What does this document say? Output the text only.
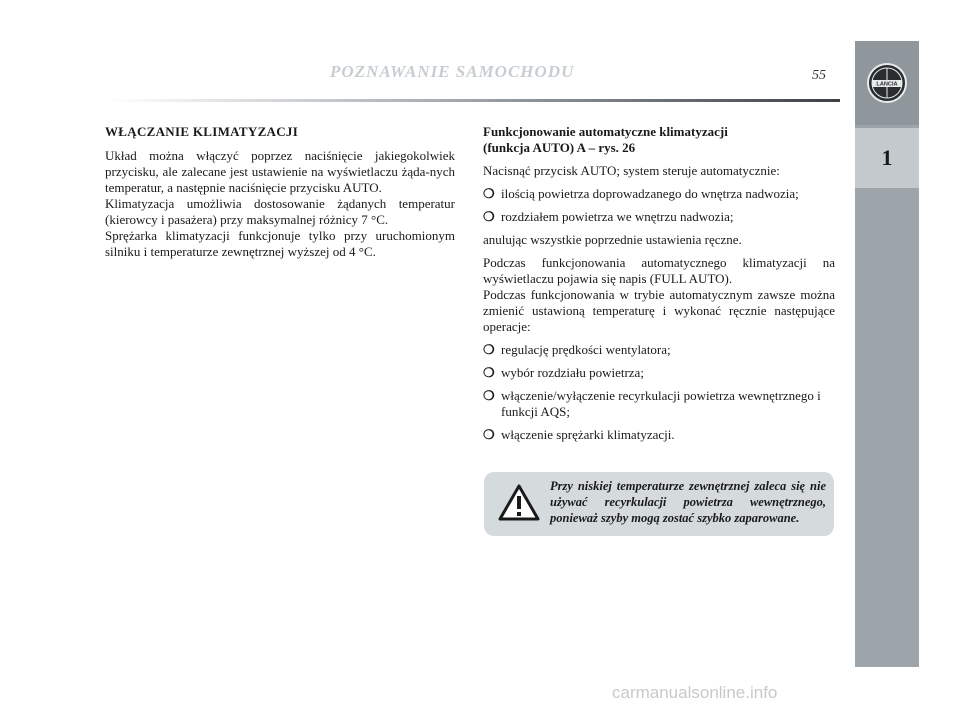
POZNAWANIE SAMOCHODU	55
LANCIA
1
WŁĄCZANIE KLIMATYZACJI

Układ można włączyć poprzez naciśnięcie jakiegokolwiek przycisku, ale zalecane jest ustawienie na wyświetlaczu żąda-nych temperatur, a następnie naciśnięcie przycisku AUTO.

Klimatyzacja umożliwia dostosowanie żądanych temperatur (kierowcy i pasażera) przy maksymalnej różnicy 7 °C.

Sprężarka klimatyzacji funkcjonuje tylko przy uruchomionym silniku i temperaturze zewnętrznej wyższej od 4 °C.

Funkcjonowanie automatyczne klimatyzacji
(funkcja AUTO) A – rys. 26

Nacisnąć przycisk AUTO; system steruje automatycznie:

❍ ilością powietrza doprowadzanego do wnętrza nadwozia;
❍ rozdziałem powietrza we wnętrzu nadwozia;

anulując wszystkie poprzednie ustawienia ręczne.

Podczas funkcjonowania automatycznego klimatyzacji na wyświetlaczu pojawia się napis (FULL AUTO).

Podczas funkcjonowania w trybie automatycznym zawsze można zmienić ustawioną temperaturę i wykonać ręcznie następujące operacje:

❍ regulację prędkości wentylatora;
❍ wybór rozdziału powietrza;
❍ włączenie/wyłączenie recyrkulacji powietrza wewnętrznego i funkcji AQS;
❍ włączenie sprężarki klimatyzacji.
Przy niskiej temperaturze zewnętrznej zaleca się nie używać recyrkulacji powietrza wewnętrznego, ponieważ szyby mogą zostać szybko zaparowane.
carmanualsonline.info
